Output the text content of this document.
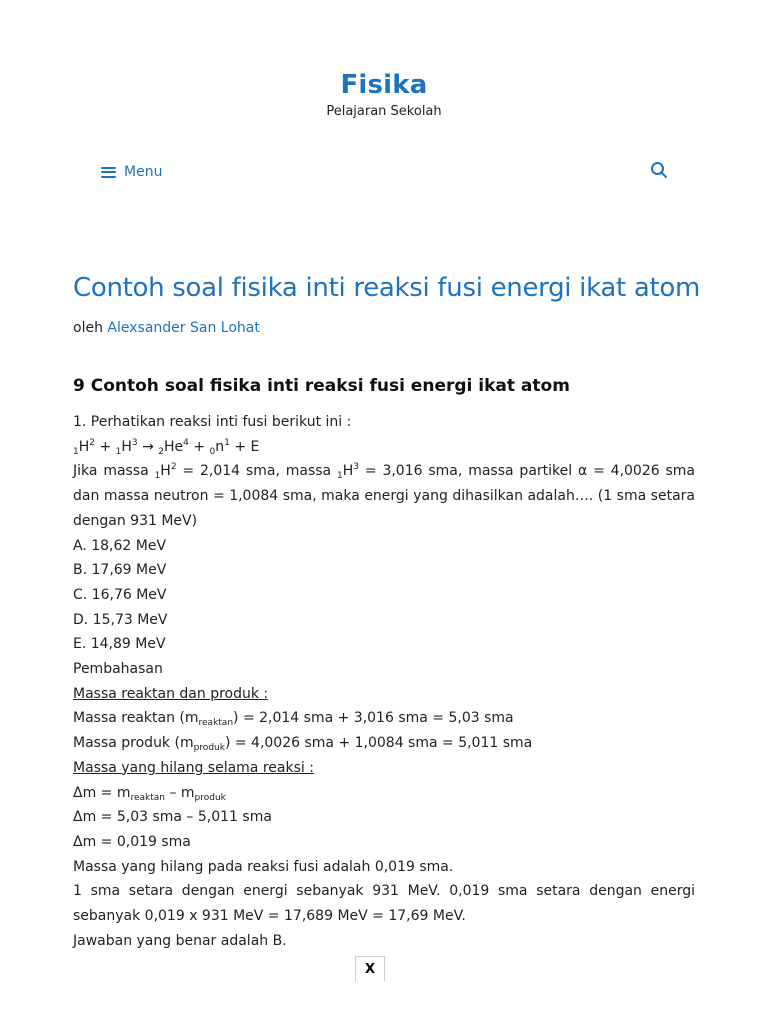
Fisika
Pelajaran Sekolah
Menu
Contoh soal fisika inti reaksi fusi energi ikat atom
oleh Alexsander San Lohat
9 Contoh soal fisika inti reaksi fusi energi ikat atom

1. Perhatikan reaksi inti fusi berikut ini :

$_1H^2 + _1H^3 \to _2He^4 + _0n^1 + E$

Jika massa $_1H^2 = 2,014$ sma, massa $_1H^3 = 3,016$ sma, massa partikel α = 4,0026 sma dan massa neutron = 1,0084 sma, maka energi yang dihasilkan adalah…. (1 sma setara dengan 931 MeV)

A. 18,62 MeV

B. 17,69 MeV

C. 16,76 MeV

D. 15,73 MeV

E. 14,89 MeV

Pembahasan

Massa reaktan dan produk :

Massa reaktan $(m_{reaktan}) = 2,014$ sma + 3,016 sma = 5,03 sma

Massa produk $(m_{produk}) = 4,0026$ sma + 1,0084 sma = 5,011 sma

Massa yang hilang selama reaksi :

$\Delta m = m_{reaktan} - m_{produk}$

Δm = 5,03 sma – 5,011 sma

Δm = 0,019 sma

Massa yang hilang pada reaksi fusi adalah 0,019 sma.

1 sma setara dengan energi sebanyak 931 MeV. 0,019 sma setara dengan energi sebanyak 0,019 x 931 MeV = 17,689 MeV = 17,69 MeV.

Jawaban yang benar adalah B.

X
